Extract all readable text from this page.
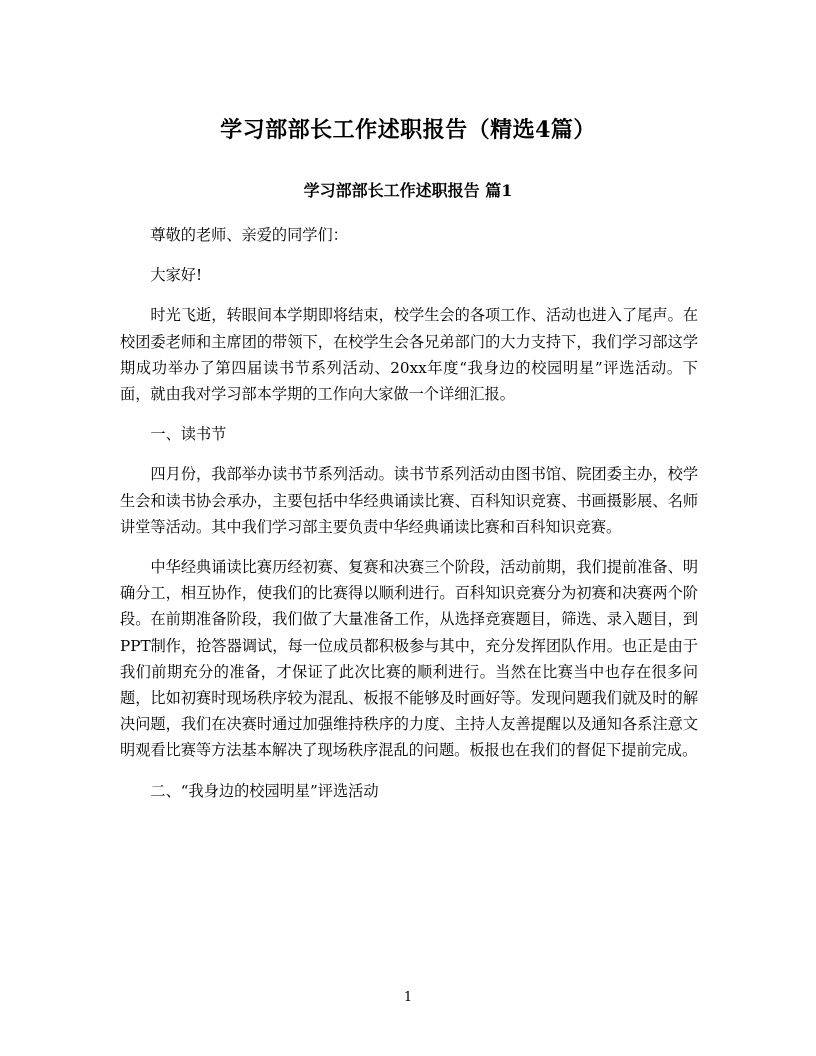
学习部部长工作述职报告（精选4篇）
学习部部长工作述职报告 篇1

尊敬的老师、亲爱的同学们：

大家好!

时光飞逝，转眼间本学期即将结束，校学生会的各项工作、活动也进入了尾声。在校团委老师和主席团的带领下，在校学生会各兄弟部门的大力支持下，我们学习部这学期成功举办了第四届读书节系列活动、20xx年度“我身边的校园明星”评选活动。下面，就由我对学习部本学期的工作向大家做一个详细汇报。

一、读书节

四月份，我部举办读书节系列活动。读书节系列活动由图书馆、院团委主办，校学生会和读书协会承办，主要包括中华经典诵读比赛、百科知识竞赛、书画摄影展、名师讲堂等活动。其中我们学习部主要负责中华经典诵读比赛和百科知识竞赛。

中华经典诵读比赛历经初赛、复赛和决赛三个阶段，活动前期，我们提前准备、明确分工，相互协作，使我们的比赛得以顺利进行。百科知识竞赛分为初赛和决赛两个阶段。在前期准备阶段，我们做了大量准备工作，从选择竞赛题目，筛选、录入题目，到PPT制作，抢答器调试，每一位成员都积极参与其中，充分发挥团队作用。也正是由于我们前期充分的准备，才保证了此次比赛的顺利进行。当然在比赛当中也存在很多问题，比如初赛时现场秩序较为混乱、板报不能够及时画好等。发现问题我们就及时的解决问题，我们在决赛时通过加强维持秩序的力度、主持人友善提醒以及通知各系注意文明观看比赛等方法基本解决了现场秩序混乱的问题。板报也在我们的督促下提前完成。

二、“我身边的校园明星”评选活动

1
